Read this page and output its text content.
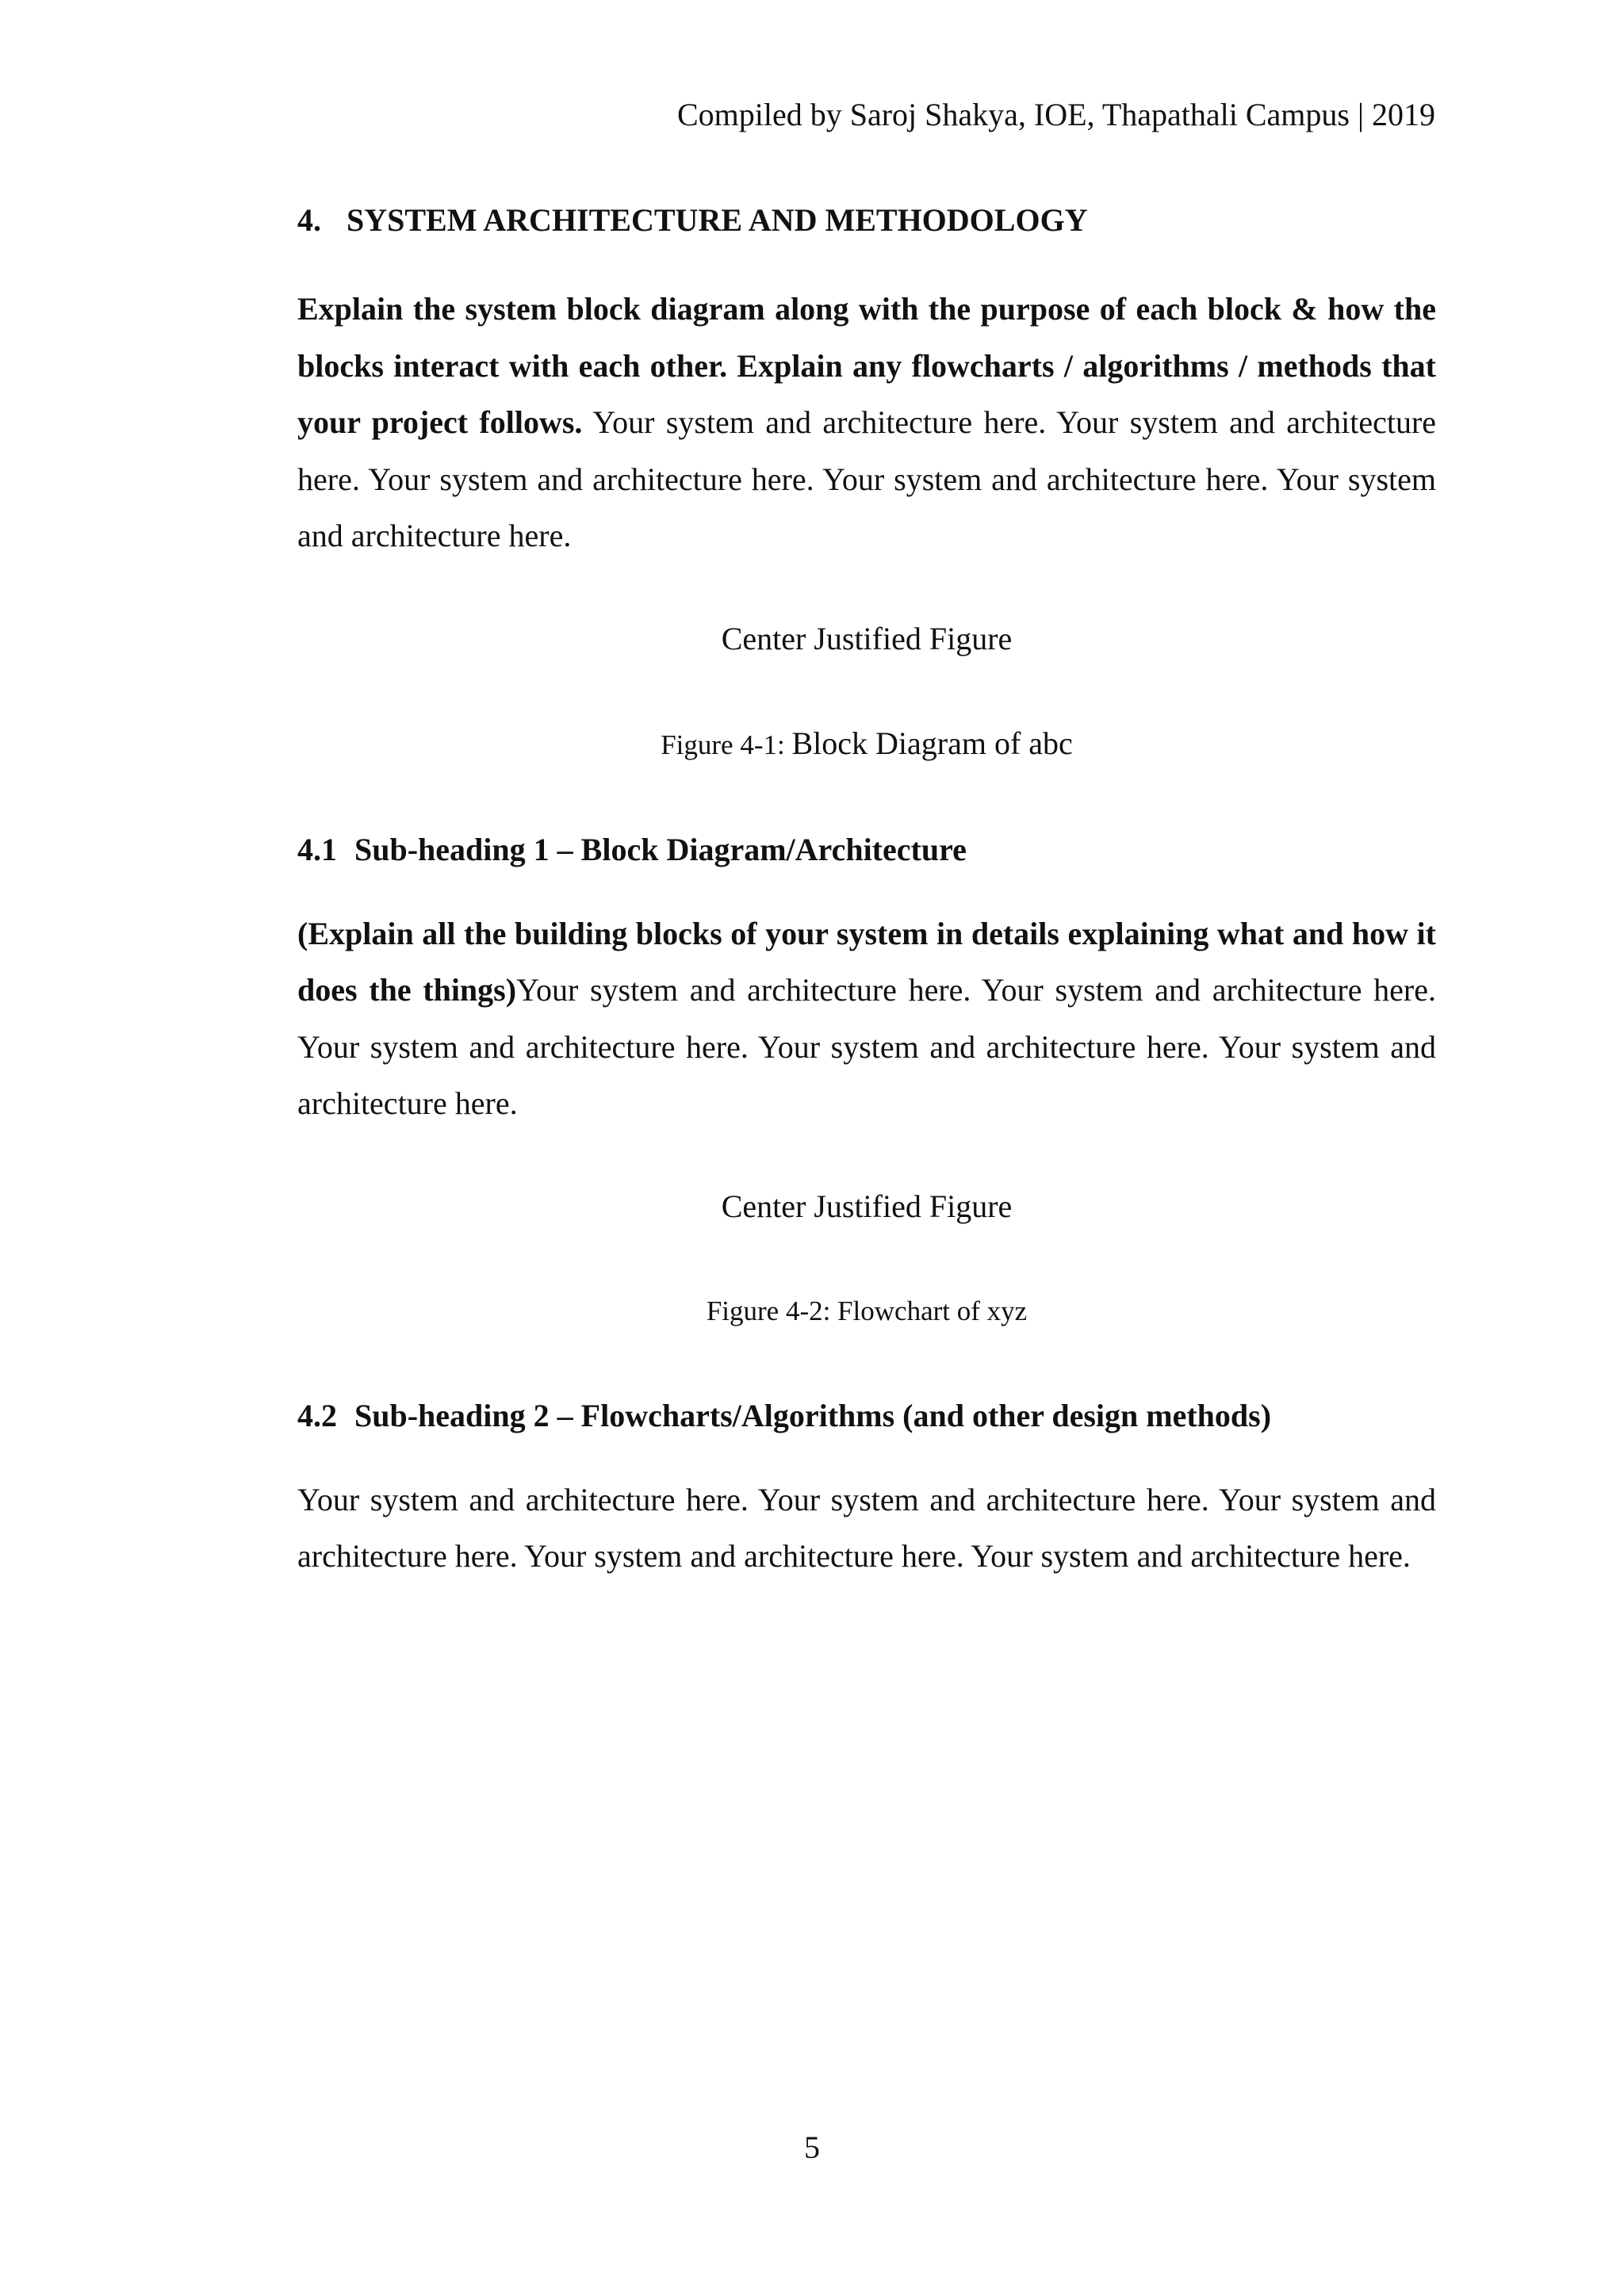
Compiled by Saroj Shakya, IOE, Thapathali Campus | 2019
4. SYSTEM ARCHITECTURE AND METHODOLOGY

Explain the system block diagram along with the purpose of each block & how the blocks interact with each other. Explain any flowcharts / algorithms / methods that your project follows. Your system and architecture here. Your system and architecture here. Your system and architecture here. Your system and architecture here. Your system and architecture here.

Center Justified Figure

Figure 4-1: Block Diagram of abc

4.1 Sub-heading 1 – Block Diagram/Architecture

(Explain all the building blocks of your system in details explaining what and how it does the things)Your system and architecture here. Your system and architecture here. Your system and architecture here. Your system and architecture here. Your system and architecture here.

Center Justified Figure

Figure 4-2: Flowchart of xyz

4.2 Sub-heading 2 – Flowcharts/Algorithms (and other design methods)

Your system and architecture here. Your system and architecture here. Your system and architecture here. Your system and architecture here. Your system and architecture here.

5
